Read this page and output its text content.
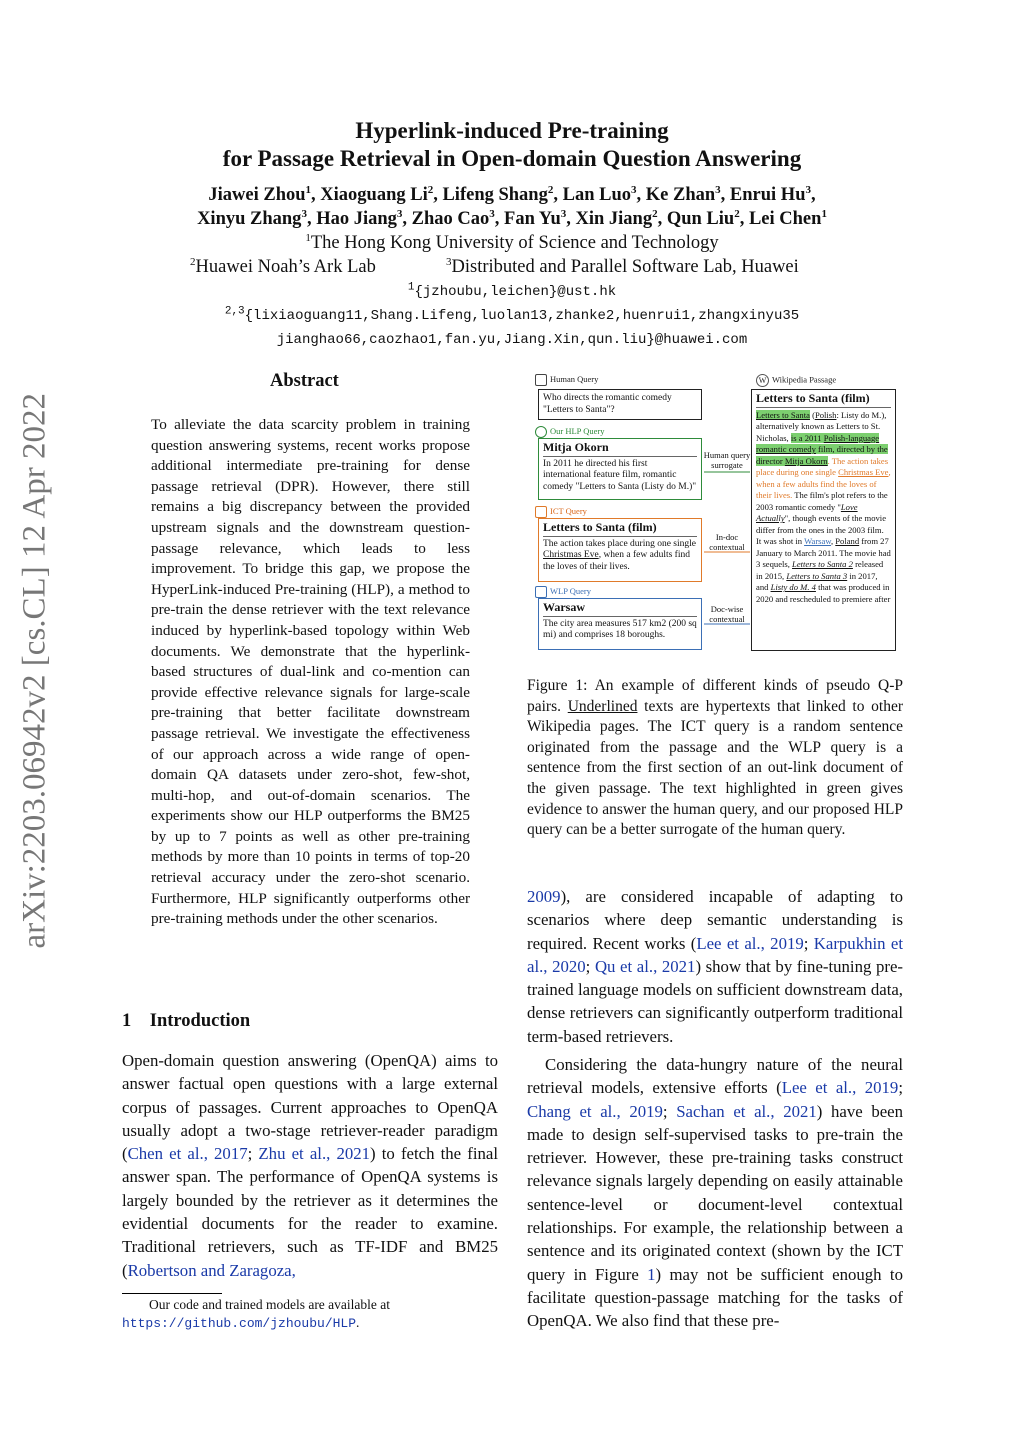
arXiv:2203.06942v2 [cs.CL] 12 Apr 2022
Hyperlink-induced Pre-training
for Passage Retrieval in Open-domain Question Answering
Jiawei Zhou$^1$, Xiaoguang Li$^2$, Lifeng Shang$^2$, Lan Luo$^3$, Ke Zhan$^3$, Enrui Hu$^3$,
Xinyu Zhang$^3$, Hao Jiang$^3$, Zhao Cao$^3$, Fan Yu$^3$, Xin Jiang$^2$, Qun Liu$^2$, Lei Chen$^1$
$^1$The Hong Kong University of Science and Technology
$^2$Huawei Noah’s Ark Lab	$^3$Distributed and Parallel Software Lab, Huawei
$^1${jzhoubu,leichen}@ust.hk
$^{2,3}${lixiaoguang11,Shang.Lifeng,luolan13,zhanke2,huenrui1,zhangxinyu35
jianghao66,caozhao1,fan.yu,Jiang.Xin,qun.liu}@huawei.com
Abstract
To alleviate the data scarcity problem in training question answering systems, recent works propose additional intermediate pre-training for dense passage retrieval (DPR). However, there still remains a big discrepancy between the provided upstream signals and the downstream question-passage relevance, which leads to less improvement. To bridge this gap, we propose the HyperLink-induced Pre-training (HLP), a method to pre-train the dense retriever with the text relevance induced by hyperlink-based topology within Web documents. We demonstrate that the hyperlink-based structures of dual-link and co-mention can provide effective relevance signals for large-scale pre-training that better facilitate downstream passage retrieval. We investigate the effectiveness of our approach across a wide range of open-domain QA datasets under zero-shot, few-shot, multi-hop, and out-of-domain scenarios. The experiments show our HLP outperforms the BM25 by up to 7 points as well as other pre-training methods by more than 10 points in terms of top-20 retrieval accuracy under the zero-shot scenario. Furthermore, HLP significantly outperforms other pre-training methods under the other scenarios.
1 Introduction
Open-domain question answering (OpenQA) aims to answer factual open questions with a large external corpus of passages. Current approaches to OpenQA usually adopt a two-stage retriever-reader paradigm (Chen et al., 2017; Zhu et al., 2021) to fetch the final answer span. The performance of OpenQA systems is largely bounded by the retriever as it determines the evidential documents for the reader to examine. Traditional retrievers, such as TF-IDF and BM25 (Robertson and Zaragoza,
Our code and trained models are available at https://github.com/jzhoubu/HLP.
Human Query
Who directs the romantic comedy "Letters to Santa"?
Our HLP Query
Mitja Okorn
In 2011 he directed his first international feature film, romantic comedy "Letters to Santa (Listy do M.)"
ICT Query
Letters to Santa (film)
The action takes place during one single Christmas Eve, when a few adults find the loves of their lives.
WLP Query
Warsaw
The city area measures 517 km2 (200 sq mi) and comprises 18 boroughs.
Human query surrogate
In-doc contextual
Doc-wise contextual
W Wikipedia Passage
Letters to Santa (film)
Letters to Santa (Polish: Listy do M.), alternatively known as Letters to St. Nicholas, is a 2011 Polish-language romantic comedy film, directed by the director Mitja Okorn. The action takes place during one single Christmas Eve, when a few adults find the loves of their lives. The film's plot refers to the 2003 romantic comedy "Love Actually", though events of the movie differ from the ones in the 2003 film. It was shot in Warsaw, Poland from 27 January to March 2011. The movie had 3 sequels, Letters to Santa 2 released in 2015, Letters to Santa 3 in 2017, and Listy do M. 4 that was produced in 2020 and rescheduled to premiere after
Figure 1: An example of different kinds of pseudo Q-P pairs. Underlined texts are hypertexts that linked to other Wikipedia pages. The ICT query is a random sentence originated from the passage and the WLP query is a sentence from the first section of an out-link document of the given passage. The text highlighted in green gives evidence to answer the human query, and our proposed HLP query can be a better surrogate of the human query.
2009), are considered incapable of adapting to scenarios where deep semantic understanding is required. Recent works (Lee et al., 2019; Karpukhin et al., 2020; Qu et al., 2021) show that by fine-tuning pre-trained language models on sufficient downstream data, dense retrievers can significantly outperform traditional term-based retrievers.
Considering the data-hungry nature of the neural retrieval models, extensive efforts (Lee et al., 2019; Chang et al., 2019; Sachan et al., 2021) have been made to design self-supervised tasks to pre-train the retriever. However, these pre-training tasks construct relevance signals largely depending on easily attainable sentence-level or document-level contextual relationships. For example, the relationship between a sentence and its originated context (shown by the ICT query in Figure 1) may not be sufficient enough to facilitate question-passage matching for the tasks of OpenQA. We also find that these pre-
